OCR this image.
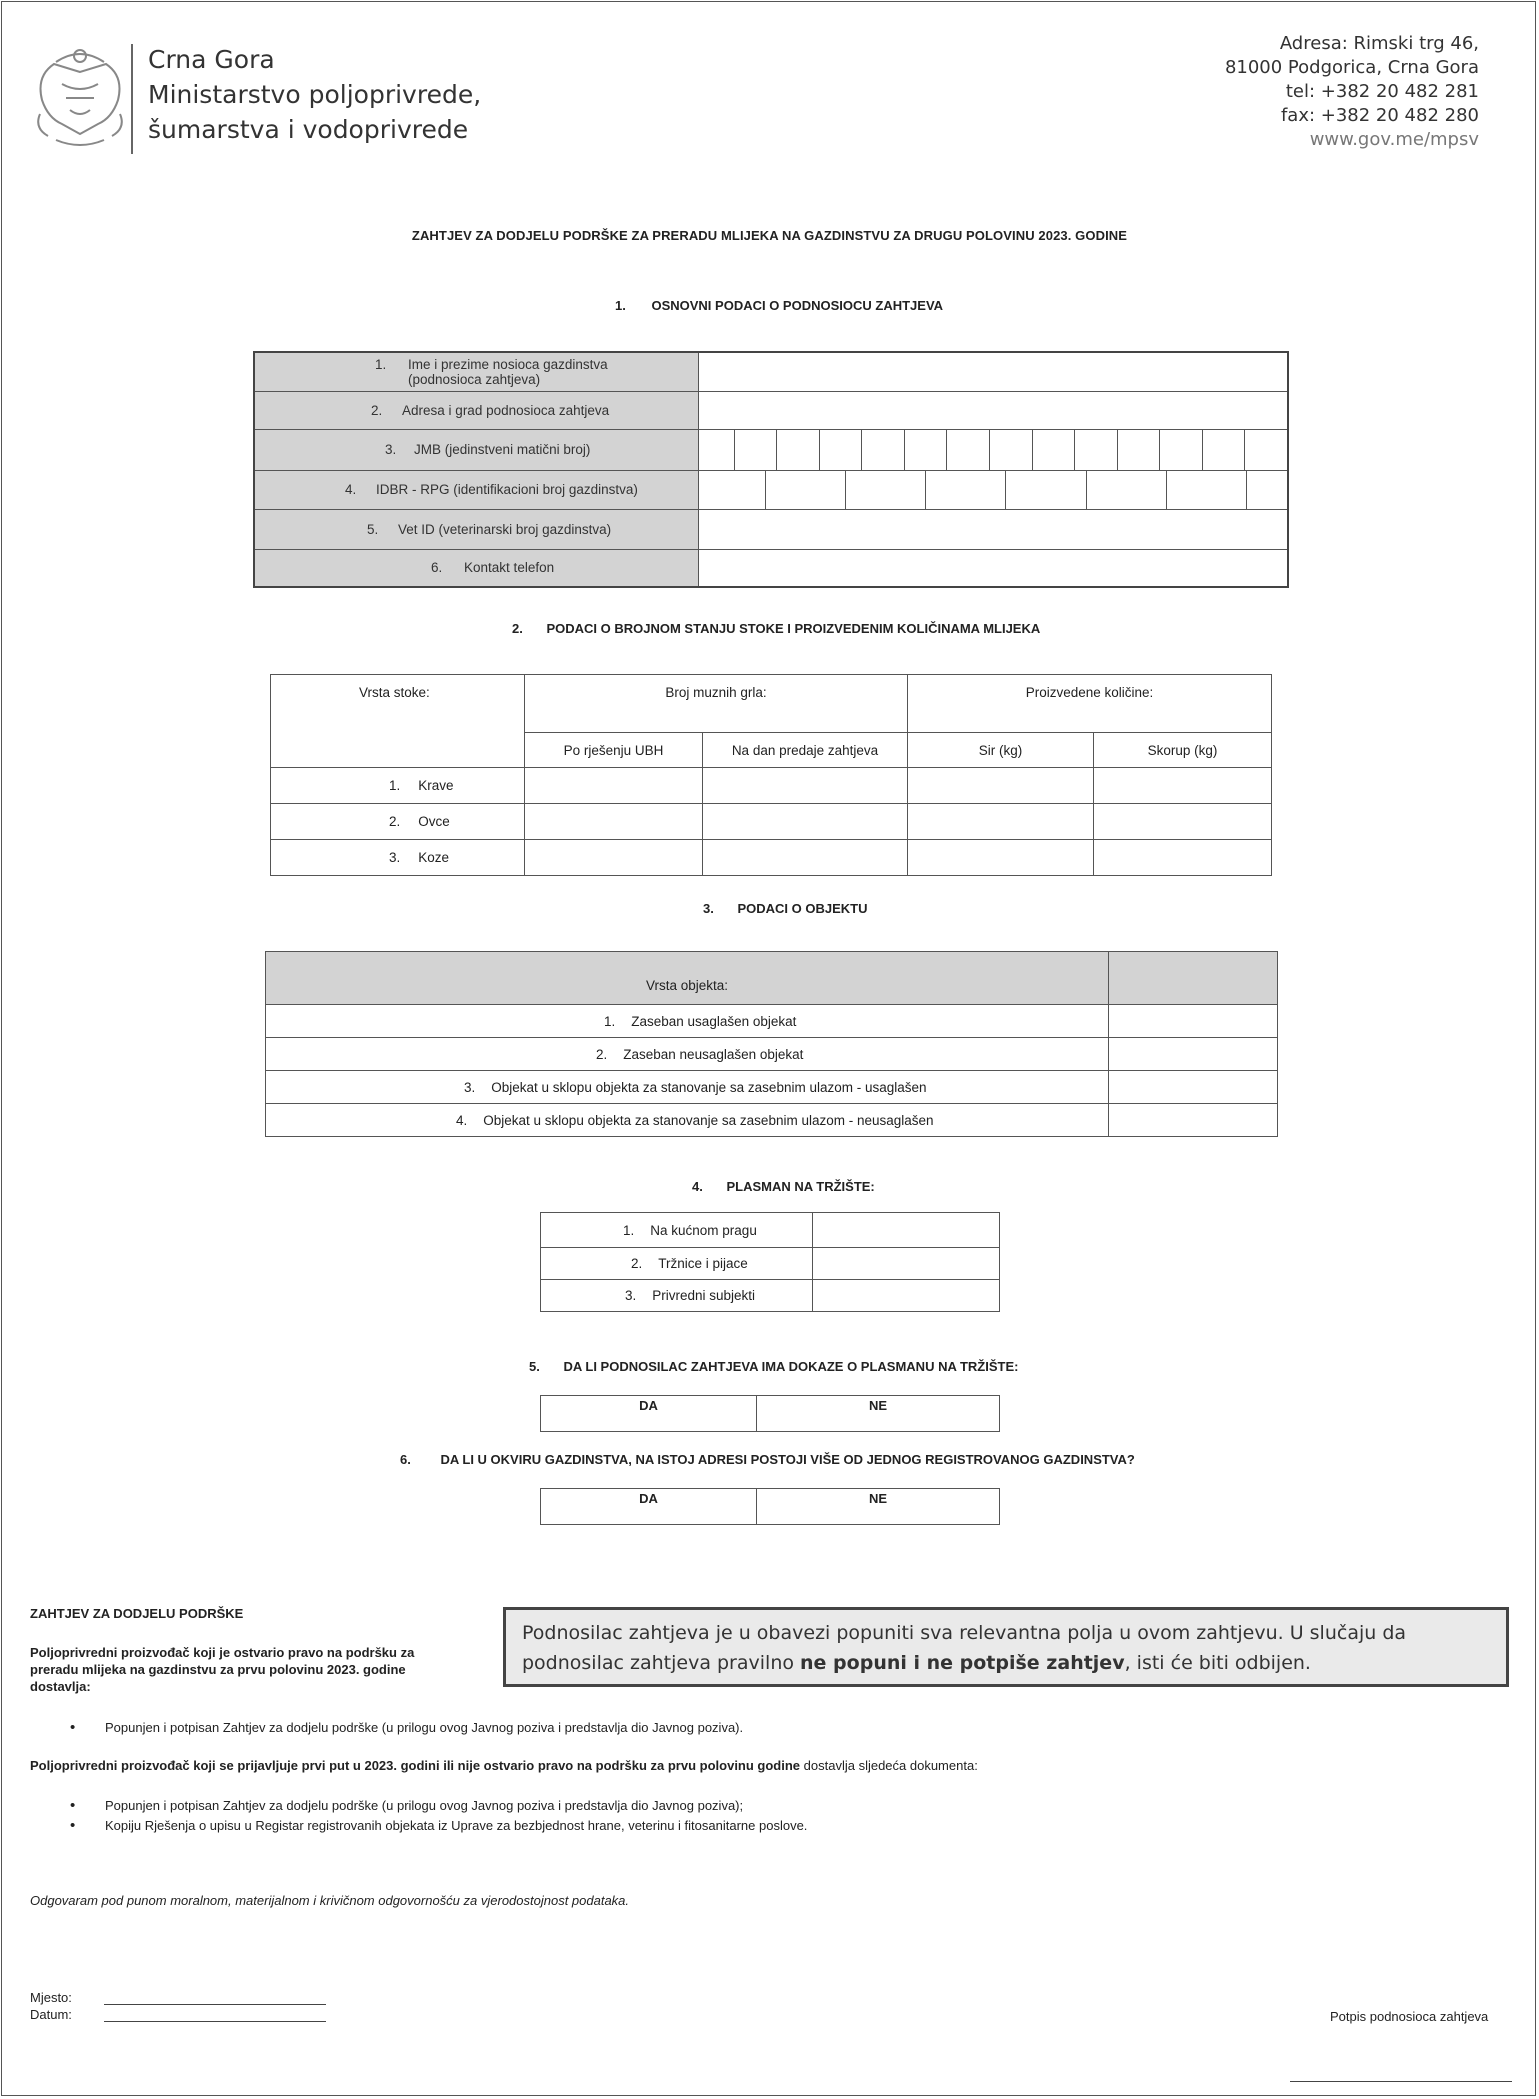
Crna Gora
Ministarstvo poljoprivrede,
šumarstva i vodoprivrede
Adresa: Rimski trg 46,
81000 Podgorica, Crna Gora
tel: +382 20 482 281
fax: +382 20 482 280
www.gov.me/mpsv
ZAHTJEV ZA DODJELU PODRŠKE ZA PRERADU MLIJEKA NA GAZDINSTVU ZA DRUGU POLOVINU 2023. GODINE
1. OSNOVNI PODACI O PODNOSIOCU ZAHTJEVA
1. Ime i prezime nosioca gazdinstva (podnosioca zahtjeva)	
2. Adresa i grad podnosioca zahtjeva	
3. JMB (jedinstveni matični broj)	

4. IDBR - RPG (identifikacioni broj gazdinstva)	

5. Vet ID (veterinarski broj gazdinstva)	
6. Kontakt telefon	
2. PODACI O BROJNOM STANJU STOKE I PROIZVEDENIM KOLIČINAMA MLIJEKA
Vrsta stoke:	Broj muznih grla:		Proizvedene količine:	
	Po rješenju UBH	Na dan predaje zahtjeva	Sir (kg)	Skorup (kg)
1. Krave				
2. Ovce				
3. Koze				
3. PODACI O OBJEKTU
Vrsta objekta:	
1. Zaseban usaglašen objekat	
2. Zaseban neusaglašen objekat	
3. Objekat u sklopu objekta za stanovanje sa zasebnim ulazom - usaglašen	
4. Objekat u sklopu objekta za stanovanje sa zasebnim ulazom - neusaglašen	
4. PLASMAN NA TRŽIŠTE:
1. Na kućnom pragu	
2. Tržnice i pijace	
3. Privredni subjekti	
5. DA LI PODNOSILAC ZAHTJEVA IMA DOKAZE O PLASMANU NA TRŽIŠTE:
DA	NE
6. DA LI U OKVIRU GAZDINSTVA, NA ISTOJ ADRESI POSTOJI VIŠE OD JEDNOG REGISTROVANOG GAZDINSTVA?
DA	NE
ZAHTJEV ZA DODJELU PODRŠKE
Poljoprivredni proizvođač koji je ostvario pravo na podršku za preradu mlijeka na gazdinstvu za prvu polovinu 2023. godine dostavlja:
Podnosilac zahtjeva je u obavezi popuniti sva relevantna polja u ovom zahtjevu. U slučaju da podnosilac zahtjeva pravilno ne popuni i ne potpiše zahtjev, isti će biti odbijen.
• Popunjen i potpisan Zahtjev za dodjelu podrške (u prilogu ovog Javnog poziva i predstavlja dio Javnog poziva).
Poljoprivredni proizvođač koji se prijavljuje prvi put u 2023. godini ili nije ostvario pravo na podršku za prvu polovinu godine dostavlja sljedeća dokumenta:
• Popunjen i potpisan Zahtjev za dodjelu podrške (u prilogu ovog Javnog poziva i predstavlja dio Javnog poziva);
• Kopiju Rješenja o upisu u Registar registrovanih objekata iz Uprave za bezbjednost hrane, veterinu i fitosanitarne poslove.
Odgovaram pod punom moralnom, materijalnom i krivičnom odgovornošću za vjerodostojnost podataka.
Mjesto:
Datum:	Potpis podnosioca zahtjeva
